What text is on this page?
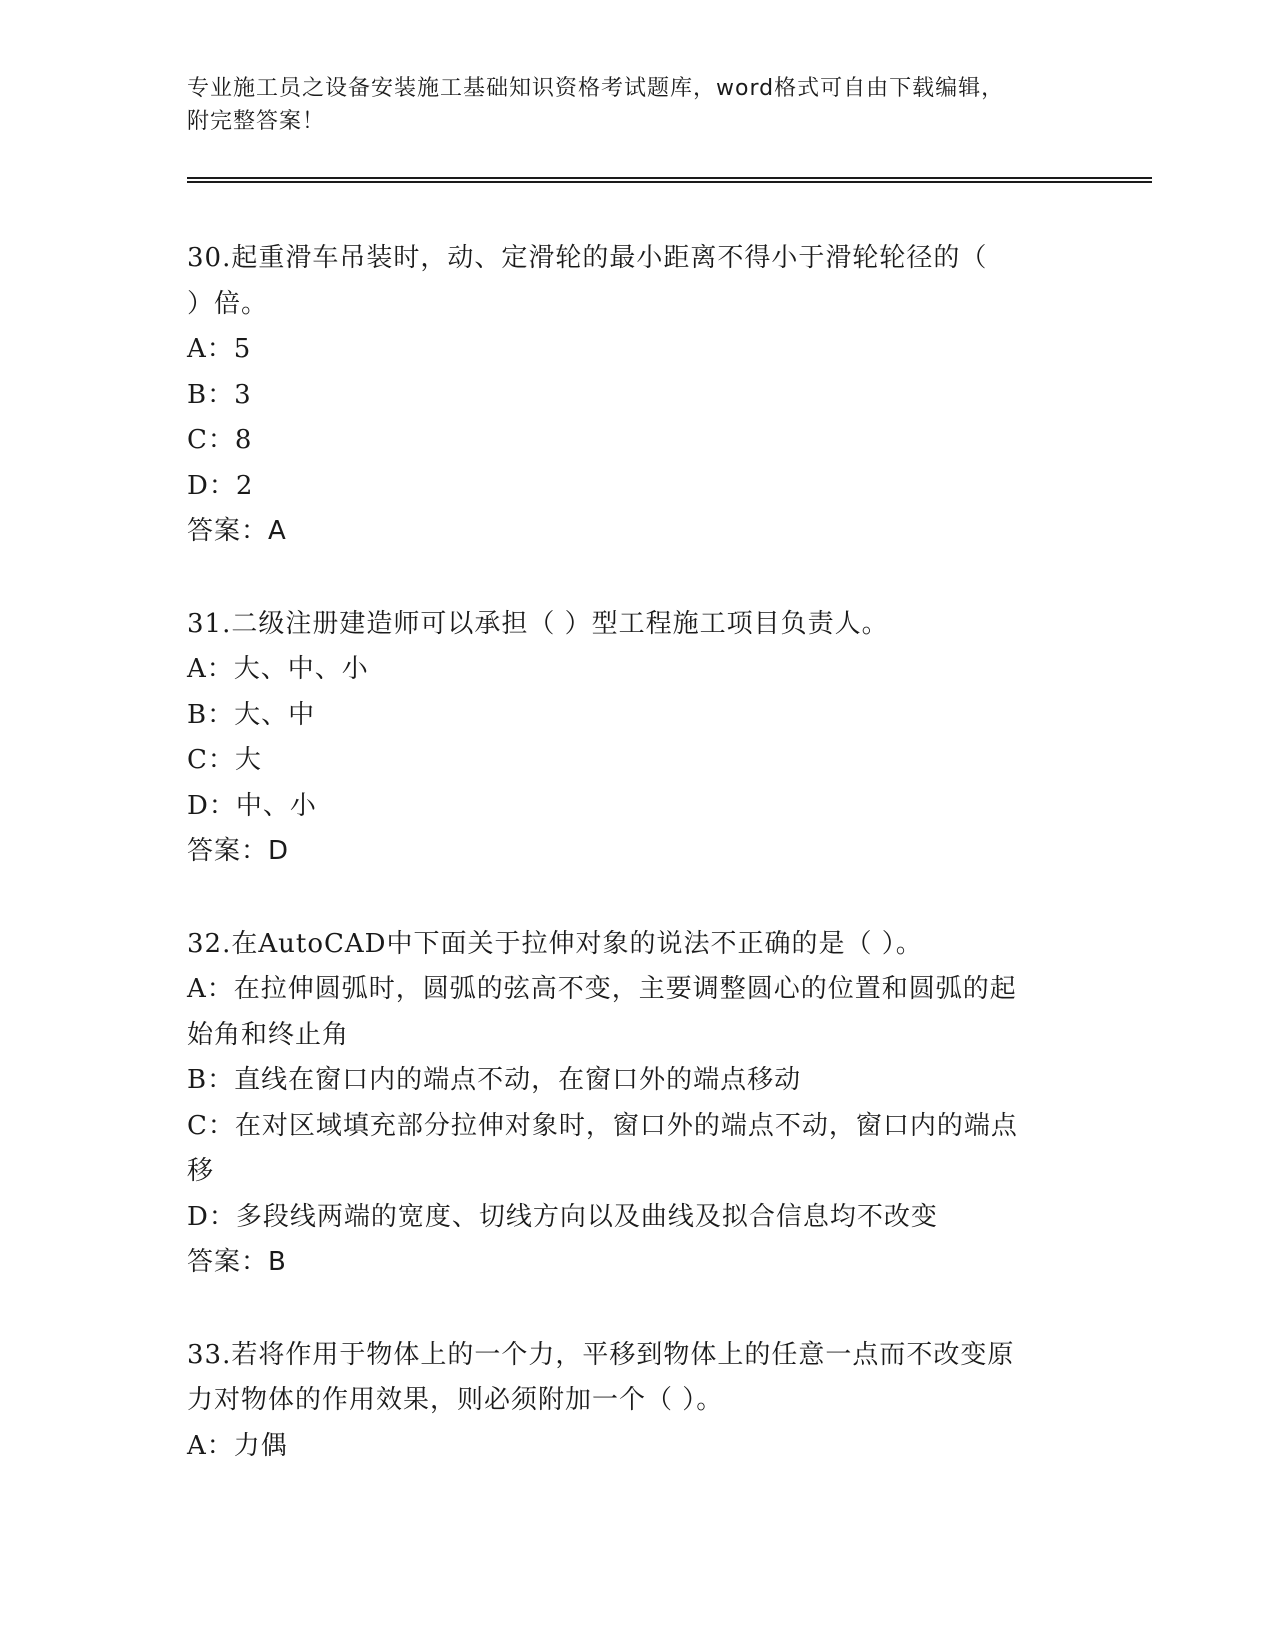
专业施工员之设备安装施工基础知识资格考试题库，word格式可自由下载编辑，
附完整答案！
30.起重滑车吊装时，动、定滑轮的最小距离不得小于滑轮轮径的（
）倍。
A：5
B：3
C：8
D：2
答案：A
31.二级注册建造师可以承担（ ）型工程施工项目负责人。
A：大、中、小
B：大、中
C：大
D：中、小
答案：D
32.在AutoCAD中下面关于拉伸对象的说法不正确的是（ ）。
A：在拉伸圆弧时，圆弧的弦高不变，主要调整圆心的位置和圆弧的起
始角和终止角
B：直线在窗口内的端点不动，在窗口外的端点移动
C：在对区域填充部分拉伸对象时，窗口外的端点不动，窗口内的端点
移
D：多段线两端的宽度、切线方向以及曲线及拟合信息均不改变
答案：B
33.若将作用于物体上的一个力，平移到物体上的任意一点而不改变原
力对物体的作用效果，则必须附加一个（ ）。
A：力偶
